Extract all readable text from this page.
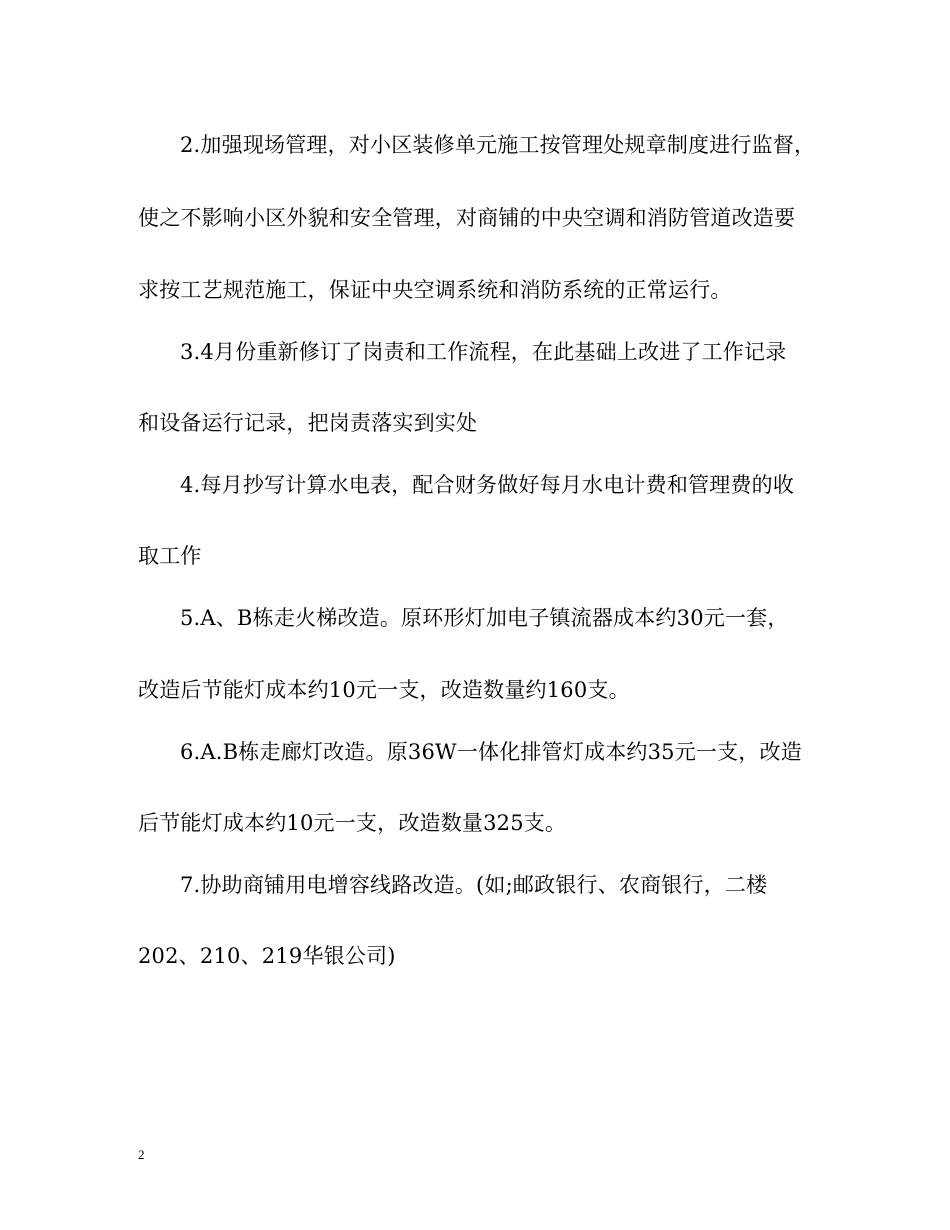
2.加强现场管理，对小区装修单元施工按管理处规章制度进行监督，
使之不影响小区外貌和安全管理，对商铺的中央空调和消防管道改造要
求按工艺规范施工，保证中央空调系统和消防系统的正常运行。
3.4月份重新修订了岗责和工作流程，在此基础上改进了工作记录
和设备运行记录，把岗责落实到实处
4.每月抄写计算水电表，配合财务做好每月水电计费和管理费的收
取工作
5.A、B栋走火梯改造。原环形灯加电子镇流器成本约30元一套，
改造后节能灯成本约10元一支，改造数量约160支。
6.A.B栋走廊灯改造。原36W一体化排管灯成本约35元一支，改造
后节能灯成本约10元一支，改造数量325支。
7.协助商铺用电增容线路改造。(如;邮政银行、农商银行，二楼
202、210、219华银公司)
2
